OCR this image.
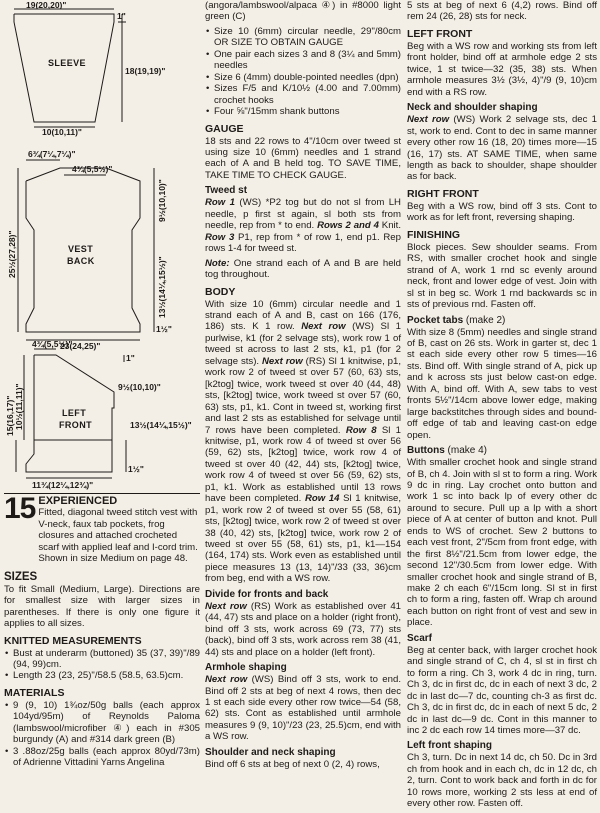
19(20,20)"
1"
18(19,19)"
SLEEVE
10(10,11)"
6¾(7¼,7¼)"
4¾(5,5½)"
VEST
BACK
25½(27,28)"
9½(10,10)"
13½(14¼,15½)"
1½"
23(24,25)"
4¾(5,5½)"
1"
10½(11,11)"	9½(10,10)"
LEFT
FRONT
15(16,17)"	13½(14¼,15½)"
1½"
11¾(12¼,12¾)"
15 EXPERIENCED
Fitted, diagonal tweed stitch vest with V-neck, faux tab pockets, frog closures and attached crocheted scarf with applied leaf and I-cord trim. Shown in size Medium on page 48.
SIZES

To fit Small (Medium, Large). Directions are for smallest size with larger sizes in parentheses. If there is only one figure it applies to all sizes.

KNITTED MEASUREMENTS

• Bust at underarm (buttoned) 35 (37, 39)"/89 (94, 99)cm.

• Length 23 (23, 25)"/58.5 (58.5, 63.5)cm.

MATERIALS

• 9 (9, 10) 1¾oz/50g balls (each approx 104yd/95m) of Reynolds Paloma (lambswool/microfiber ④) each in #305 burgundy (A) and #314 dark green (B)

• 3 .88oz/25g balls (each approx 80yd/73m) of Adrienne Vittadini Yarns Angelina

(angora/lambswool/alpaca ④) in #8000 light green (C)

• Size 10 (6mm) circular needle, 29"/80cm OR SIZE TO OBTAIN GAUGE

• One pair each sizes 3 and 8 (3¼ and 5mm) needles

• Size 6 (4mm) double-pointed needles (dpn)

• Sizes F/5 and K/10½ (4.00 and 7.00mm) crochet hooks

• Four ⅝"/15mm shank buttons

GAUGE

18 sts and 22 rows to 4"/10cm over tweed st using size 10 (6mm) needles and 1 strand each of A and B held tog. TO SAVE TIME, TAKE TIME TO CHECK GAUGE.

Tweed st

Row 1 (WS) *P2 tog but do not sl from LH needle, p first st again, sl both sts from needle, rep from * to end. Rows 2 and 4 Knit. Row 3 P1, rep from * of row 1, end p1. Rep rows 1-4 for tweed st.

Note: One strand each of A and B are held tog throughout.

BODY

With size 10 (6mm) circular needle and 1 strand each of A and B, cast on 166 (176, 186) sts. K 1 row. Next row (WS) Sl 1 purlwise, k1 (for 2 selvage sts), work row 1 of tweed st across to last 2 sts, k1, p1 (for 2 selvage sts). Next row (RS) Sl 1 knitwise, p1, work row 2 of tweed st over 57 (60, 63) sts, [k2tog] twice, work tweed st over 40 (44, 48) sts, [k2tog] twice, work tweed st over 57 (60, 63) sts, p1, k1. Cont in tweed st, working first and last 2 sts as established for selvage until 7 rows have been completed. Row 8 Sl 1 knitwise, p1, work row 4 of tweed st over 56 (59, 62) sts, [k2tog] twice, work row 4 of tweed st over 40 (42, 44) sts, [k2tog] twice, work row 4 of tweed st over 56 (59, 62) sts, p1, k1. Work as established until 13 rows have been completed. Row 14 Sl 1 knitwise, p1, work row 2 of tweed st over 55 (58, 61) sts, [k2tog] twice, work row 2 of tweed st over 38 (40, 42) sts, [k2tog] twice, work row 2 of tweed st over 55 (58, 61) sts, p1, k1—154 (164, 174) sts. Work even as established until piece measures 13 (13, 14)"/33 (33, 36)cm from beg, end with a WS row.

Divide for fronts and back

Next row (RS) Work as established over 41 (44, 47) sts and place on a holder (right front), bind off 3 sts, work across 69 (73, 77) sts (back), bind off 3 sts, work across rem 38 (41, 44) sts and place on a holder (left front).

Armhole shaping

Next row (WS) Bind off 3 sts, work to end. Bind off 2 sts at beg of next 4 rows, then dec 1 st each side every other row twice—54 (58, 62) sts. Cont as established until armhole measures 9 (9, 10)"/23 (23, 25.5)cm, end with a WS row.

Shoulder and neck shaping

Bind off 6 sts at beg of next 0 (2, 4) rows,

5 sts at beg of next 6 (4,2) rows. Bind off rem 24 (26, 28) sts for neck.

LEFT FRONT

Beg with a WS row and working sts from left front holder, bind off at armhole edge 2 sts twice, 1 st twice—32 (35, 38) sts. When armhole measures 3½ (3½, 4)"/9 (9, 10)cm end with a RS row.

Neck and shoulder shaping

Next row (WS) Work 2 selvage sts, dec 1 st, work to end. Cont to dec in same manner every other row 16 (18, 20) times more—15 (16, 17) sts. AT SAME TIME, when same length as back to shoulder, shape shoulder as for back.

RIGHT FRONT

Beg with a WS row, bind off 3 sts. Cont to work as for left front, reversing shaping.

FINISHING

Block pieces. Sew shoulder seams. From RS, with smaller crochet hook and single strand of A, work 1 rnd sc evenly around neck, front and lower edge of vest. Join with sl st in beg sc. Work 1 rnd backwards sc in sts of previous rnd. Fasten off.

Pocket tabs (make 2)

With size 8 (5mm) needles and single strand of B, cast on 26 sts. Work in garter st, dec 1 st each side every other row 5 times—16 sts. Bind off. With single strand of A, pick up and k across sts just below cast-on edge. With A, bind off. With A, sew tabs to vest fronts 5½"/14cm above lower edge, making large backstitches through sides and bound-off edge of tab and leaving cast-on edge open.

Buttons (make 4)

With smaller crochet hook and single strand of B, ch 4. Join with sl st to form a ring. Work 9 dc in ring. Lay crochet onto button and work 1 sc into back lp of every other dc around to secure. Pull up a lp with a short piece of A at center of button and knot. Pull ends to WS of crochet. Sew 2 buttons to each vest front, 2"/5cm from front edge, with the first 8½"/21.5cm from lower edge, the second 12"/30.5cm from lower edge. With smaller crochet hook and single strand of B, make 2 ch each 6"/15cm long. Sl st in first ch to form a ring, fasten off. Wrap ch around each button on right front of vest and sew in place.

Scarf

Beg at center back, with larger crochet hook and single strand of C, ch 4, sl st in first ch to form a ring. Ch 3, work 4 dc in ring, turn. Ch 3, dc in first dc, dc in each of next 3 dc, 2 dc in last dc—7 dc, counting ch-3 as first dc. Ch 3, dc in first dc, dc in each of next 5 dc, 2 dc in last dc—9 dc. Cont in this manner to inc 2 dc each row 14 times more—37 dc.

Left front shaping

Ch 3, turn. Dc in next 14 dc, ch 50. Dc in 3rd ch from hook and in each ch, dc in 12 dc, ch 2, turn. Cont to work back and forth in dc for 10 rows more, working 2 sts less at end of every other row. Fasten off.
